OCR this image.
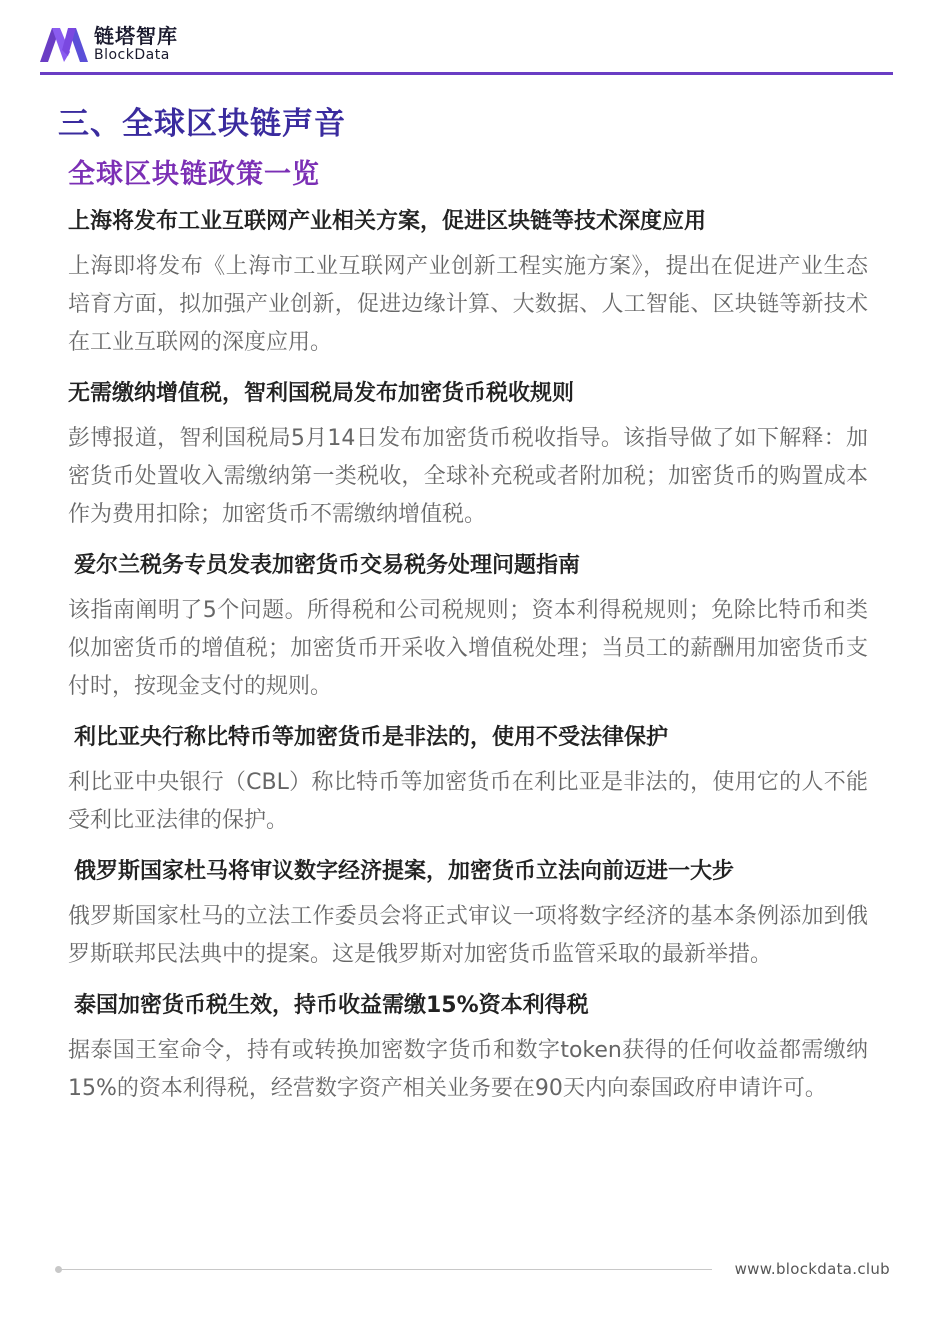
链塔智库
BlockData
三、全球区块链声音
全球区块链政策一览

上海将发布工业互联网产业相关方案，促进区块链等技术深度应用

上海即将发布《上海市工业互联网产业创新工程实施方案》，提出在促进产业生态培育方面，拟加强产业创新，促进边缘计算、大数据、人工智能、区块链等新技术在工业互联网的深度应用。

无需缴纳增值税，智利国税局发布加密货币税收规则

彭博报道，智利国税局5月14日发布加密货币税收指导。该指导做了如下解释：加密货币处置收入需缴纳第一类税收，全球补充税或者附加税；加密货币的购置成本作为费用扣除；加密货币不需缴纳增值税。

爱尔兰税务专员发表加密货币交易税务处理问题指南

该指南阐明了5个问题。所得税和公司税规则；资本利得税规则；免除比特币和类似加密货币的增值税；加密货币开采收入增值税处理；当员工的薪酬用加密货币支付时，按现金支付的规则。

利比亚央行称比特币等加密货币是非法的，使用不受法律保护

利比亚中央银行（CBL）称比特币等加密货币在利比亚是非法的，使用它的人不能受利比亚法律的保护。

俄罗斯国家杜马将审议数字经济提案，加密货币立法向前迈进一大步

俄罗斯国家杜马的立法工作委员会将正式审议一项将数字经济的基本条例添加到俄罗斯联邦民法典中的提案。这是俄罗斯对加密货币监管采取的最新举措。

泰国加密货币税生效，持币收益需缴15%资本利得税

据泰国王室命令，持有或转换加密数字货币和数字token获得的任何收益都需缴纳15%的资本利得税，经营数字资产相关业务要在90天内向泰国政府申请许可。

www.blockdata.club
